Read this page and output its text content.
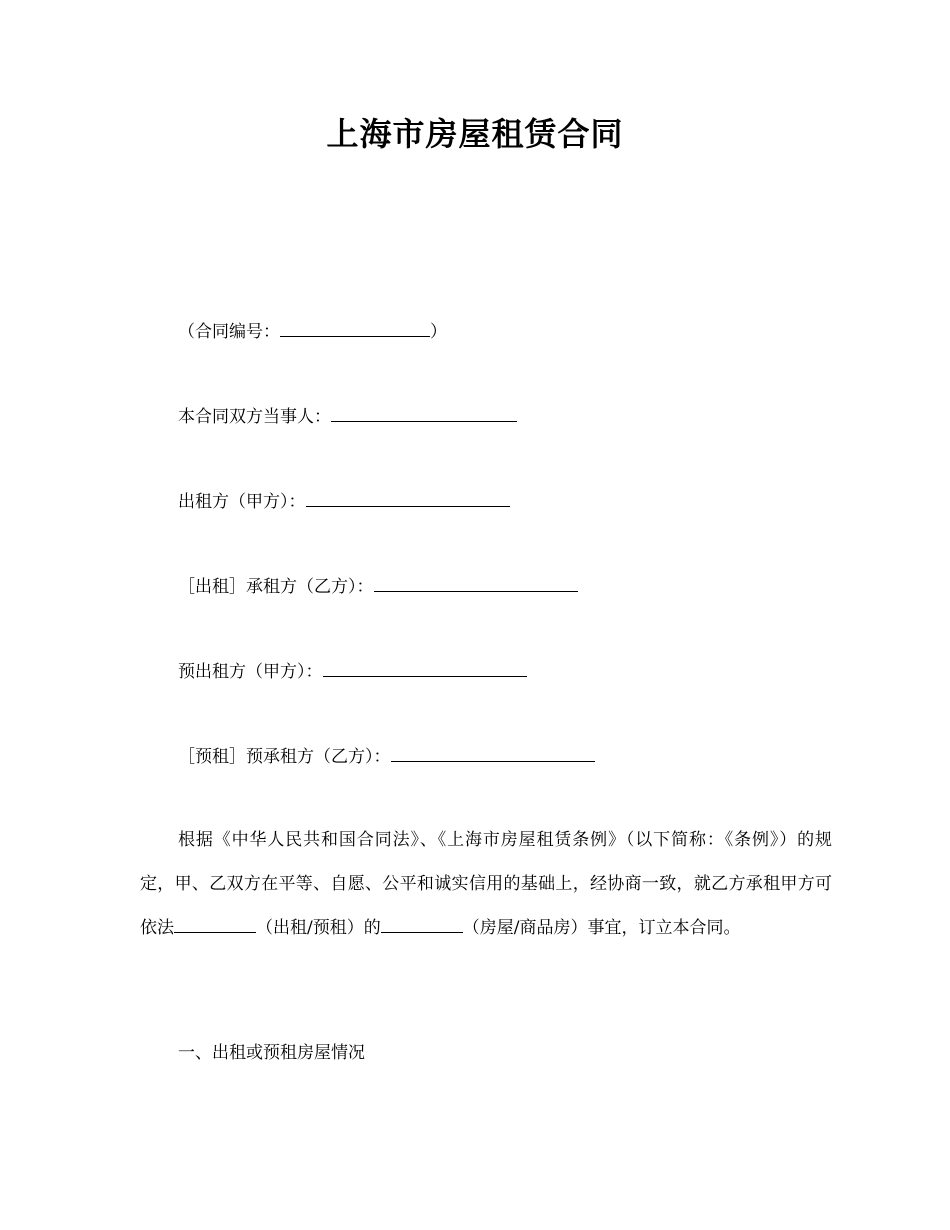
上海市房屋租赁合同
（合同编号：	）
本合同双方当事人：
出租方（甲方）：
［出租］承租方（乙方）：
预出租方（甲方）：
［预租］预承租方（乙方）：
根据《中华人民共和国合同法》、《上海市房屋租赁条例》（以下简称：《条例》）的规定，甲、乙双方在平等、自愿、公平和诚实信用的基础上，经协商一致，就乙方承租甲方可依法	（出租/预租）的	（房屋/商品房）事宜，订立本合同。
一、出租或预租房屋情况
